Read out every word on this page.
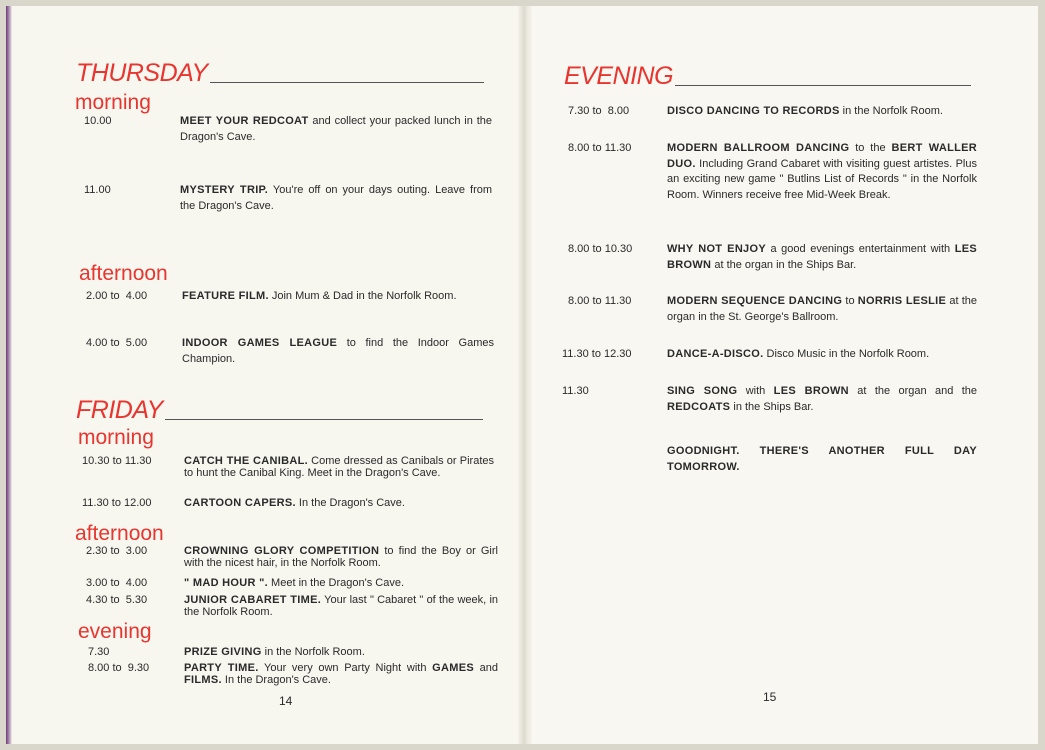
THURSDAY
morning
10.00	MEET YOUR REDCOAT and collect your packed lunch in the Dragon's Cave.
11.00	MYSTERY TRIP. You're off on your days outing. Leave from the Dragon's Cave.
afternoon
2.00 to  4.00	FEATURE FILM. Join Mum & Dad in the Norfolk Room.
4.00 to  5.00	INDOOR GAMES LEAGUE to find the Indoor Games Champion.
FRIDAY
morning
10.30 to 11.30	CATCH THE CANIBAL. Come dressed as Canibals or Pirates to hunt the Canibal King. Meet in the Dragon's Cave.
11.30 to 12.00	CARTOON CAPERS. In the Dragon's Cave.
afternoon
2.30 to  3.00	CROWNING GLORY COMPETITION to find the Boy or Girl with the nicest hair, in the Norfolk Room.
3.00 to  4.00	" MAD HOUR ". Meet in the Dragon's Cave.
4.30 to  5.30	JUNIOR CABARET TIME. Your last " Cabaret " of the week, in the Norfolk Room.
evening
7.30	PRIZE GIVING in the Norfolk Room.
8.00 to  9.30	PARTY TIME. Your very own Party Night with GAMES and FILMS. In the Dragon's Cave.
14
EVENING
7.30 to  8.00	DISCO DANCING TO RECORDS in the Norfolk Room.
8.00 to 11.30	MODERN BALLROOM DANCING to the BERT WALLER DUO. Including Grand Cabaret with visiting guest artistes. Plus an exciting new game " Butlins List of Records " in the Norfolk Room. Winners receive free Mid-Week Break.
8.00 to 10.30	WHY NOT ENJOY a good evenings entertainment with LES BROWN at the organ in the Ships Bar.
8.00 to 11.30	MODERN SEQUENCE DANCING to NORRIS LESLIE at the organ in the St. George's Ballroom.
11.30 to 12.30	DANCE-A-DISCO. Disco Music in the Norfolk Room.
11.30	SING SONG with LES BROWN at the organ and the REDCOATS in the Ships Bar.
GOODNIGHT. THERE'S ANOTHER FULL DAY TOMORROW.
15
